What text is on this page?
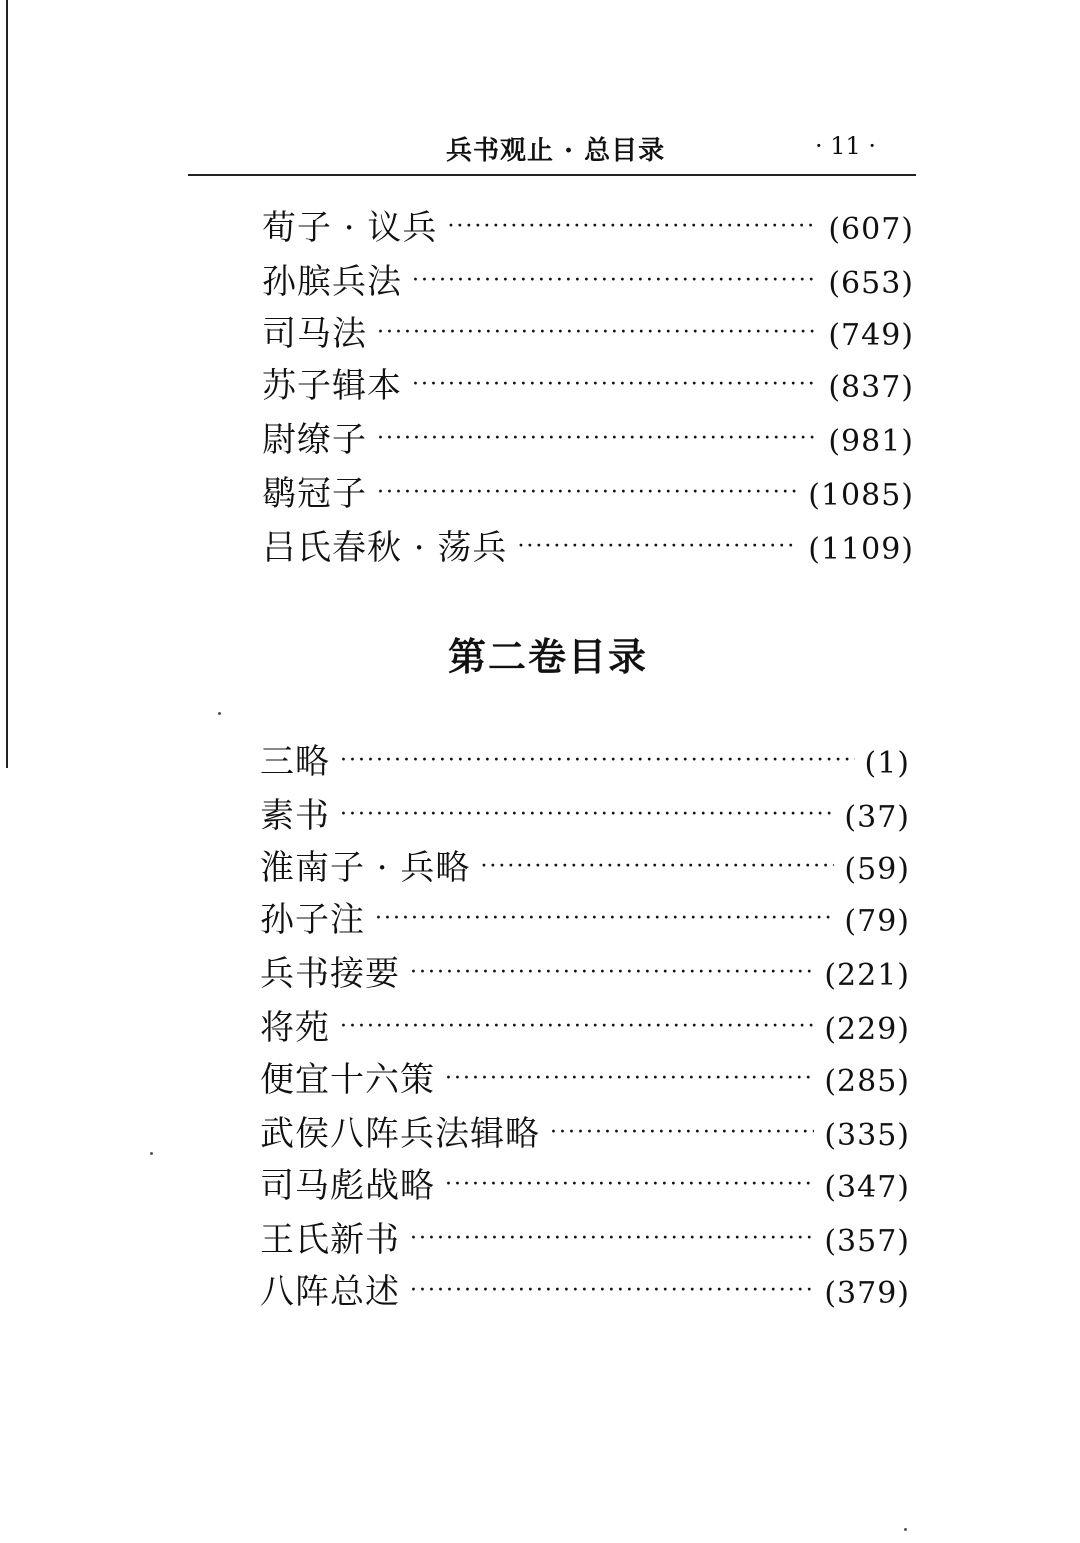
兵书观止 · 总目录	· 11 ·
荀子 · 议兵 ·····	(607)
孙膑兵法 ·····	(653)
司马法 ·····	(749)
苏子辑本 ·····	(837)
尉缭子 ·····	(981)
鹖冠子 ·····	(1085)
吕氏春秋 · 荡兵 ·····	(1109)
第二卷目录
三略 ·····	(1)
素书 ·····	(37)
淮南子 · 兵略 ·····	(59)
孙子注 ·····	(79)
兵书接要 ·····	(221)
将苑 ·····	(229)
便宜十六策 ·····	(285)
武侯八阵兵法辑略 ·····	(335)
司马彪战略 ·····	(347)
王氏新书 ·····	(357)
八阵总述 ·····	(379)
